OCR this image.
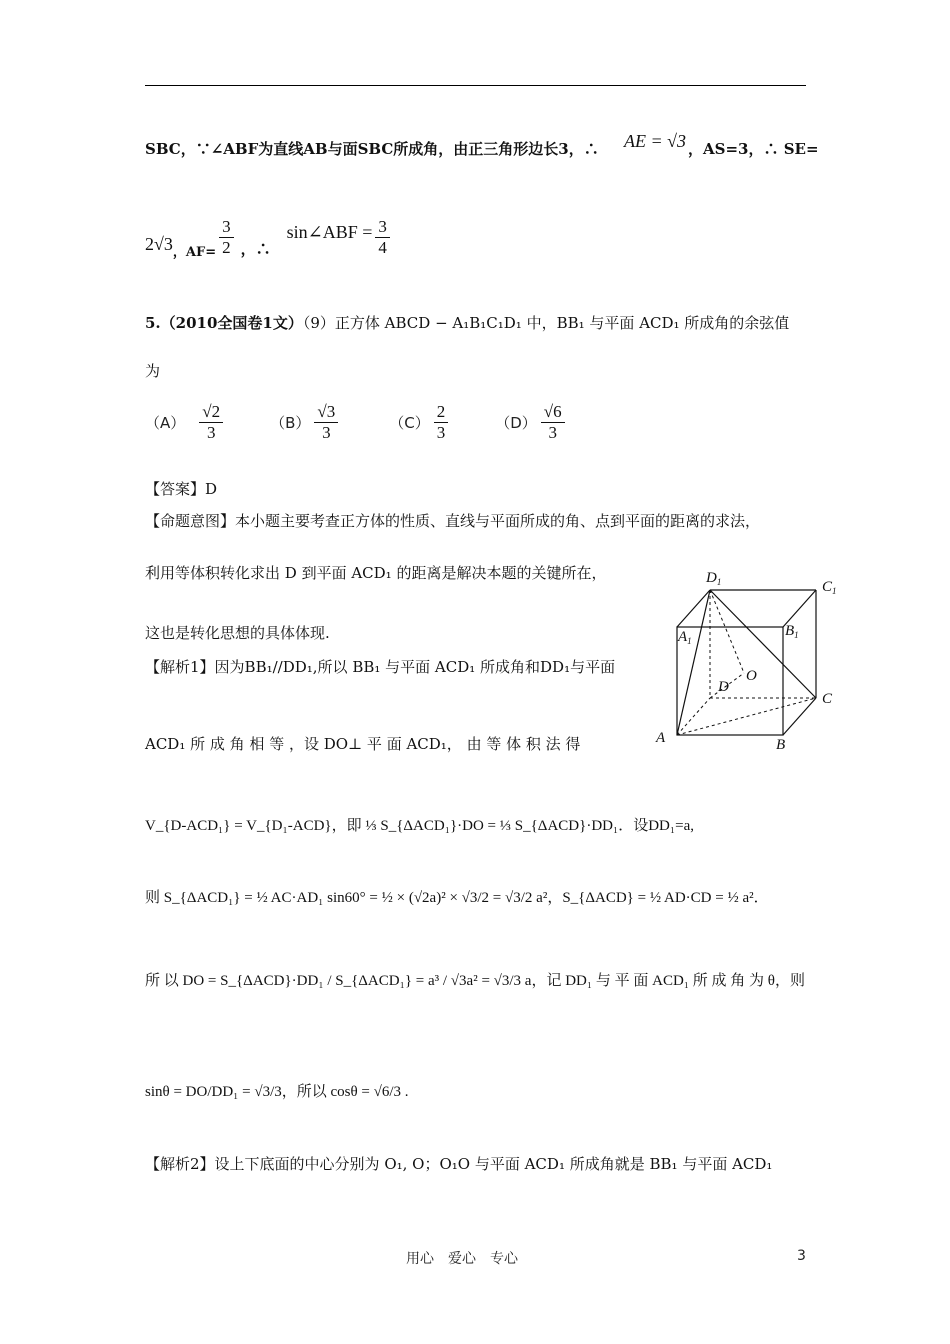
SBC，∵∠ABF为直线AB与面SBC所成角，由正三角形边长3，∴ AE = √3 ，AS=3，∴ SE=
2√3 ，$AF= \frac{3}{2}$ ，∴
sin∠ABF = $\frac{3}{4}$
5.（2010全国卷1文）（9）正方体 ABCD − A₁B₁C₁D₁ 中，BB₁ 与平面 ACD₁ 所成角的余弦值
为
$(A) \frac{√2}{3}$	$(B) \frac{√3}{3}$	$(C) \frac{2}{3}$	$(D) \frac{√6}{3}$
【答案】D
【命题意图】本小题主要考查正方体的性质、直线与平面所成的角、点到平面的距离的求法，
利用等体积转化求出 D 到平面 ACD₁ 的距离是解决本题的关键所在，
这也是转化思想的具体体现.
【解析1】因为BB₁//DD₁,所以 BB₁ 与平面 ACD₁ 所成角和DD₁与平面
ACD₁ 所 成 角 相 等 ，设 DO⊥ 平 面 ACD₁， 由 等 体 积 法 得
V_{D-ACD₁} = V_{D₁-ACD}，即 ⅓ S_{ΔACD₁}·DO = ⅓ S_{ΔACD}·DD₁．设DD₁=a,
则 S_{ΔACD₁} = ½ AC·AD₁ sin60° = ½ × (√2a)² × √3/2 = √3/2 a²，S_{ΔACD} = ½ AD·CD = ½ a²．
所 以 DO = S_{ΔACD}·DD₁ / S_{ΔACD₁} = a³ / √3a² = √3/3 a，记 DD₁ 与 平 面 ACD₁ 所 成 角 为 θ，则
sinθ = DO/DD₁ = √3/3，所以 cosθ = √6/3 .
【解析2】设上下底面的中心分别为 O₁, O；O₁O 与平面 ACD₁ 所成角就是 BB₁ 与平面 ACD₁
$D_1$	$C_1$
$A_1$
$B_1$
D
O
C
A	B
用心　爱心　专心	3
